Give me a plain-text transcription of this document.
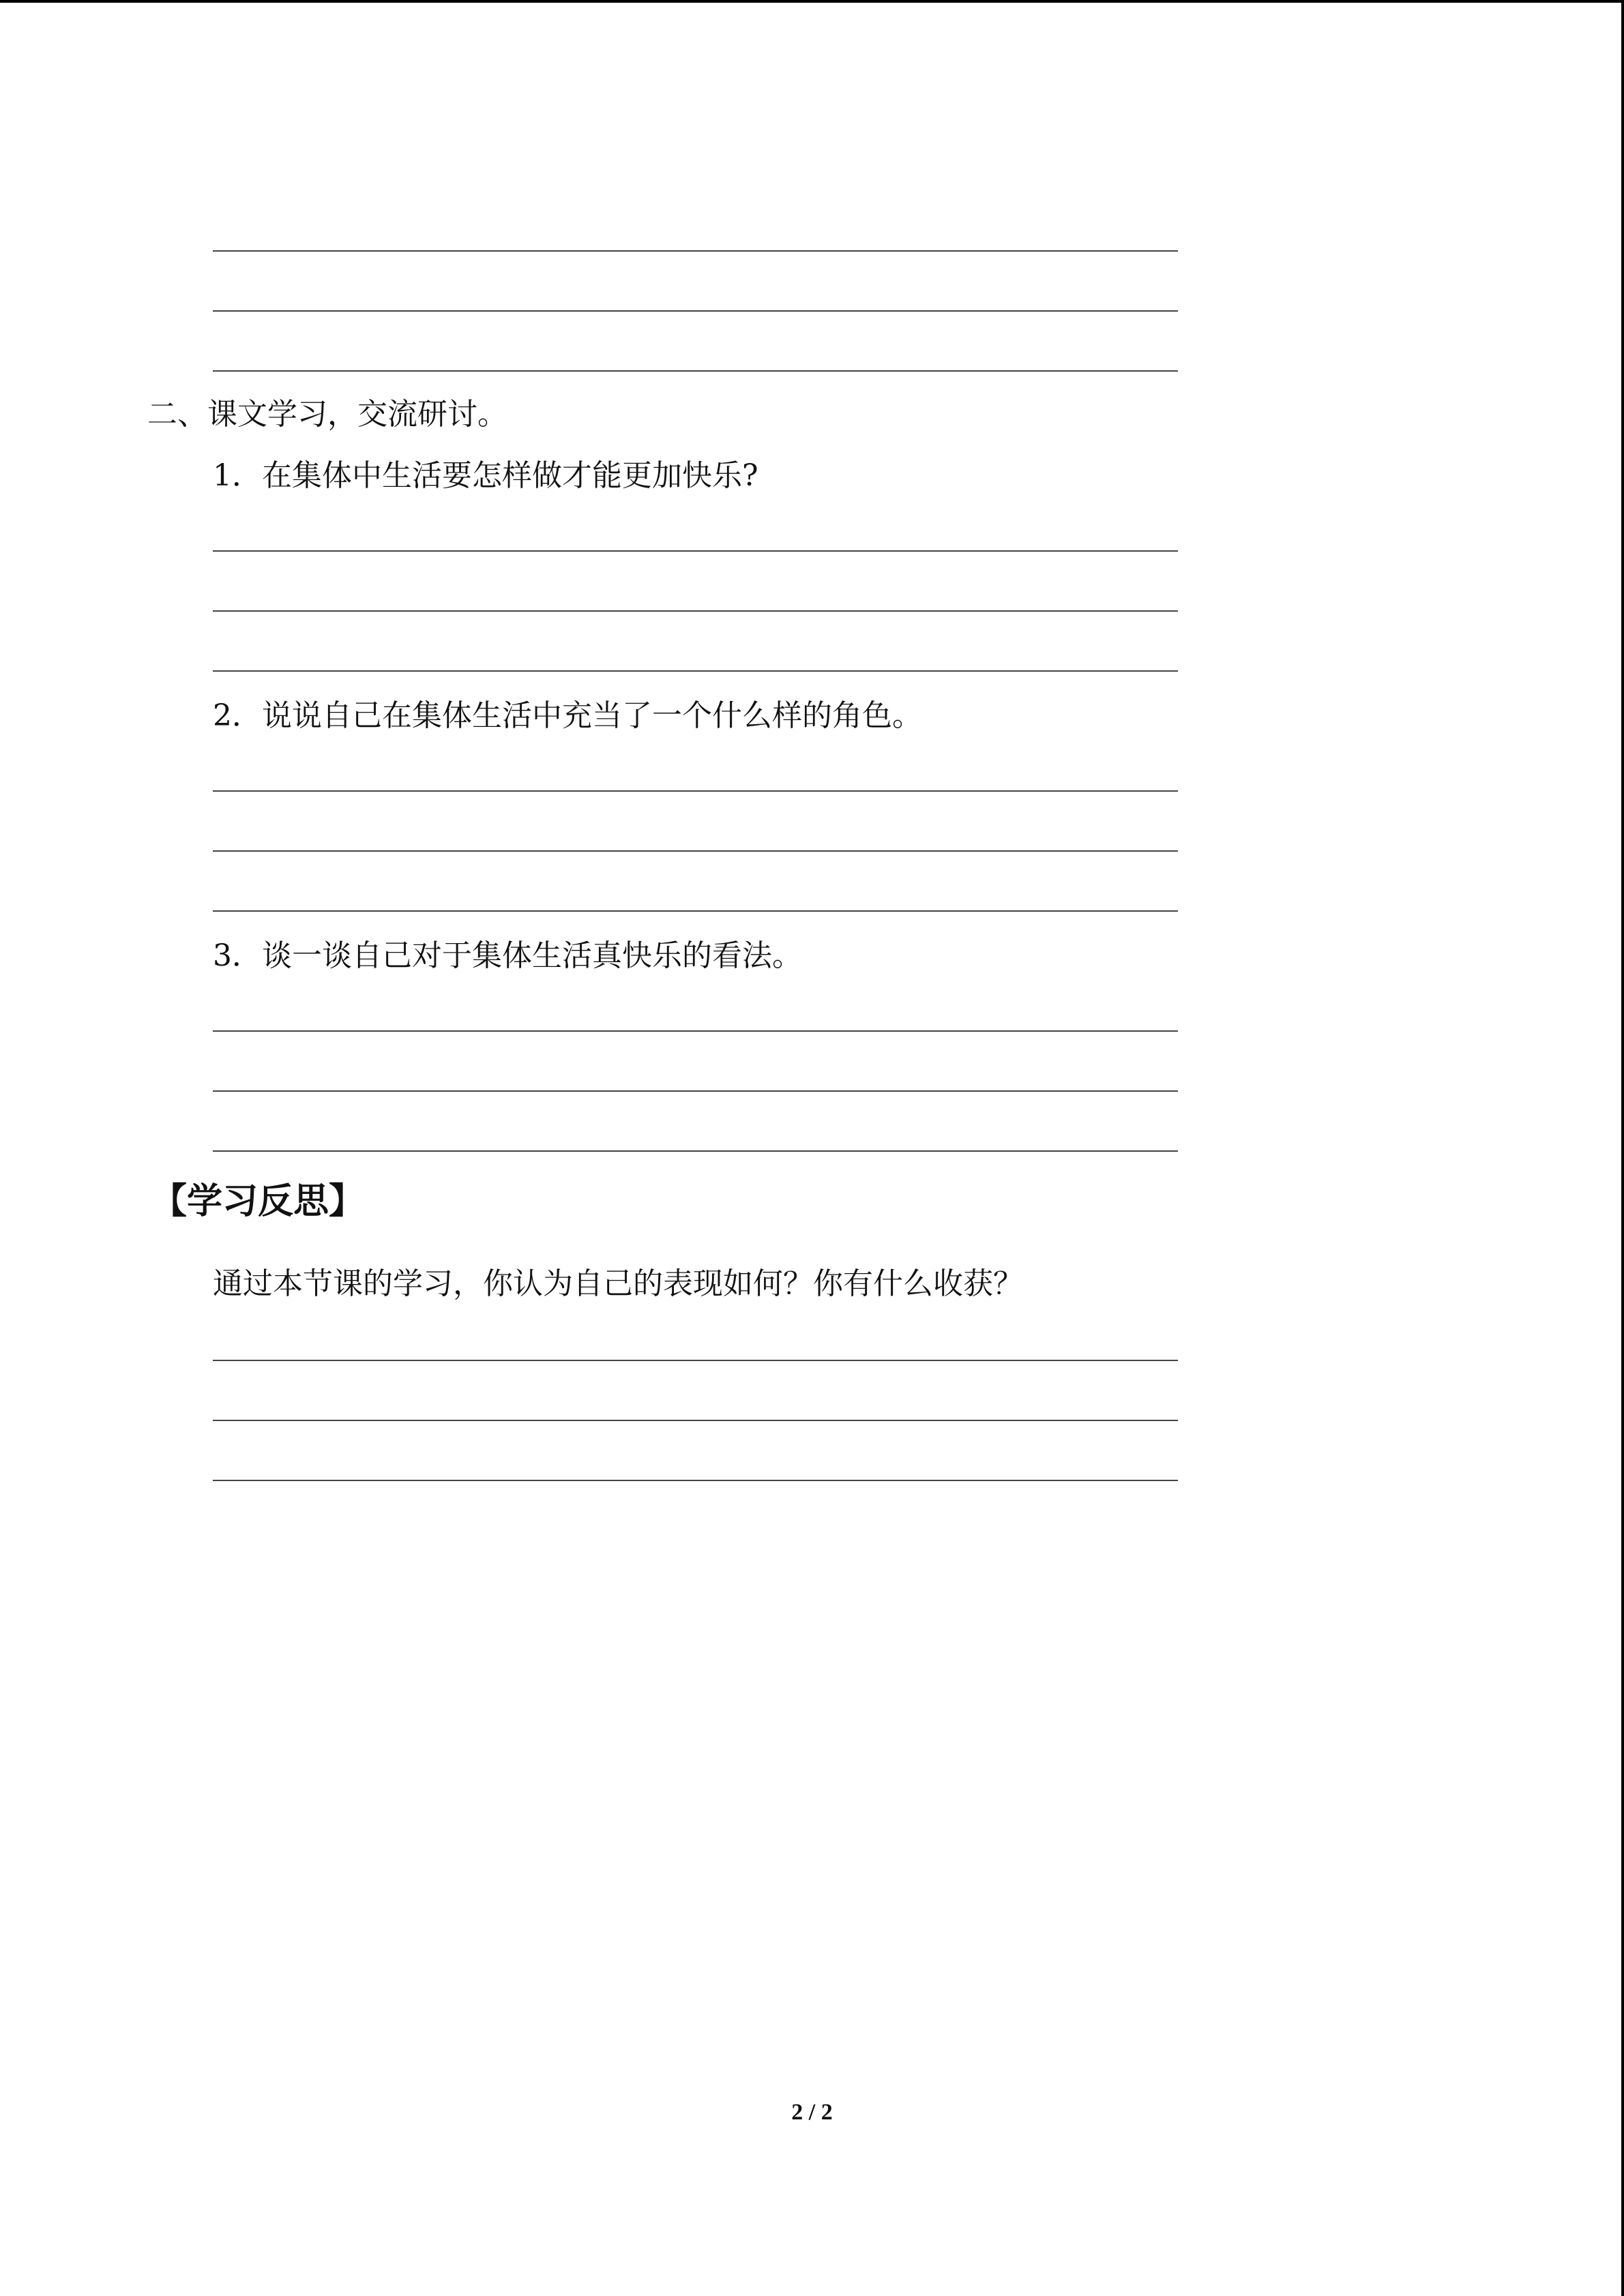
二、课文学习，交流研讨。
1．在集体中生活要怎样做才能更加快乐?
2．说说自己在集体生活中充当了一个什么样的角色。
3．谈一谈自己对于集体生活真快乐的看法。
【学习反思】
通过本节课的学习，你认为自己的表现如何？你有什么收获？
2 / 2
